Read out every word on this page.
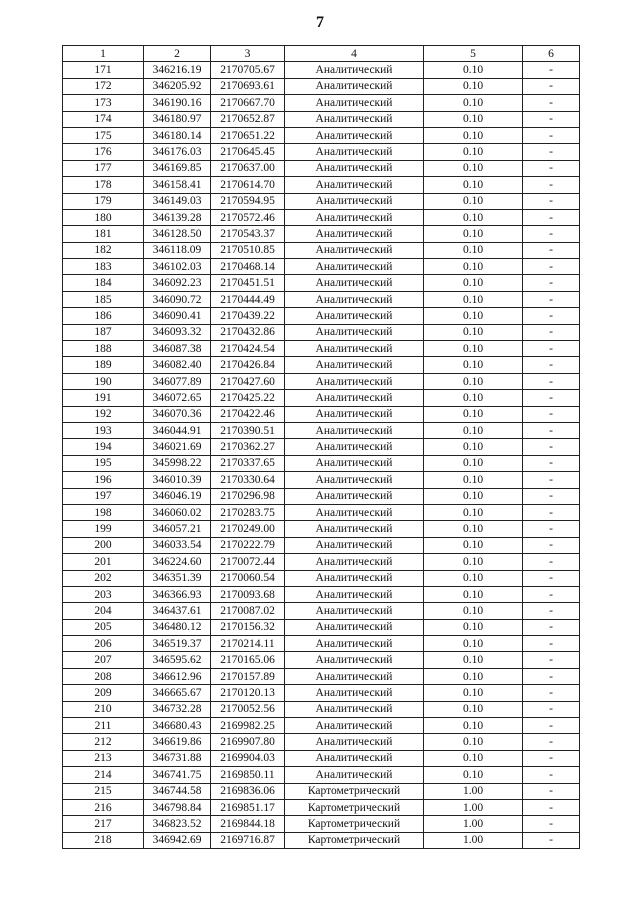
7
1	2	3	4	5	6
171	346216.19	2170705.67	Аналитический	0.10	-
172	346205.92	2170693.61	Аналитический	0.10	-
173	346190.16	2170667.70	Аналитический	0.10	-
174	346180.97	2170652.87	Аналитический	0.10	-
175	346180.14	2170651.22	Аналитический	0.10	-
176	346176.03	2170645.45	Аналитический	0.10	-
177	346169.85	2170637.00	Аналитический	0.10	-
178	346158.41	2170614.70	Аналитический	0.10	-
179	346149.03	2170594.95	Аналитический	0.10	-
180	346139.28	2170572.46	Аналитический	0.10	-
181	346128.50	2170543.37	Аналитический	0.10	-
182	346118.09	2170510.85	Аналитический	0.10	-
183	346102.03	2170468.14	Аналитический	0.10	-
184	346092.23	2170451.51	Аналитический	0.10	-
185	346090.72	2170444.49	Аналитический	0.10	-
186	346090.41	2170439.22	Аналитический	0.10	-
187	346093.32	2170432.86	Аналитический	0.10	-
188	346087.38	2170424.54	Аналитический	0.10	-
189	346082.40	2170426.84	Аналитический	0.10	-
190	346077.89	2170427.60	Аналитический	0.10	-
191	346072.65	2170425.22	Аналитический	0.10	-
192	346070.36	2170422.46	Аналитический	0.10	-
193	346044.91	2170390.51	Аналитический	0.10	-
194	346021.69	2170362.27	Аналитический	0.10	-
195	345998.22	2170337.65	Аналитический	0.10	-
196	346010.39	2170330.64	Аналитический	0.10	-
197	346046.19	2170296.98	Аналитический	0.10	-
198	346060.02	2170283.75	Аналитический	0.10	-
199	346057.21	2170249.00	Аналитический	0.10	-
200	346033.54	2170222.79	Аналитический	0.10	-
201	346224.60	2170072.44	Аналитический	0.10	-
202	346351.39	2170060.54	Аналитический	0.10	-
203	346366.93	2170093.68	Аналитический	0.10	-
204	346437.61	2170087.02	Аналитический	0.10	-
205	346480.12	2170156.32	Аналитический	0.10	-
206	346519.37	2170214.11	Аналитический	0.10	-
207	346595.62	2170165.06	Аналитический	0.10	-
208	346612.96	2170157.89	Аналитический	0.10	-
209	346665.67	2170120.13	Аналитический	0.10	-
210	346732.28	2170052.56	Аналитический	0.10	-
211	346680.43	2169982.25	Аналитический	0.10	-
212	346619.86	2169907.80	Аналитический	0.10	-
213	346731.88	2169904.03	Аналитический	0.10	-
214	346741.75	2169850.11	Аналитический	0.10	-
215	346744.58	2169836.06	Картометрический	1.00	-
216	346798.84	2169851.17	Картометрический	1.00	-
217	346823.52	2169844.18	Картометрический	1.00	-
218	346942.69	2169716.87	Картометрический	1.00	-
